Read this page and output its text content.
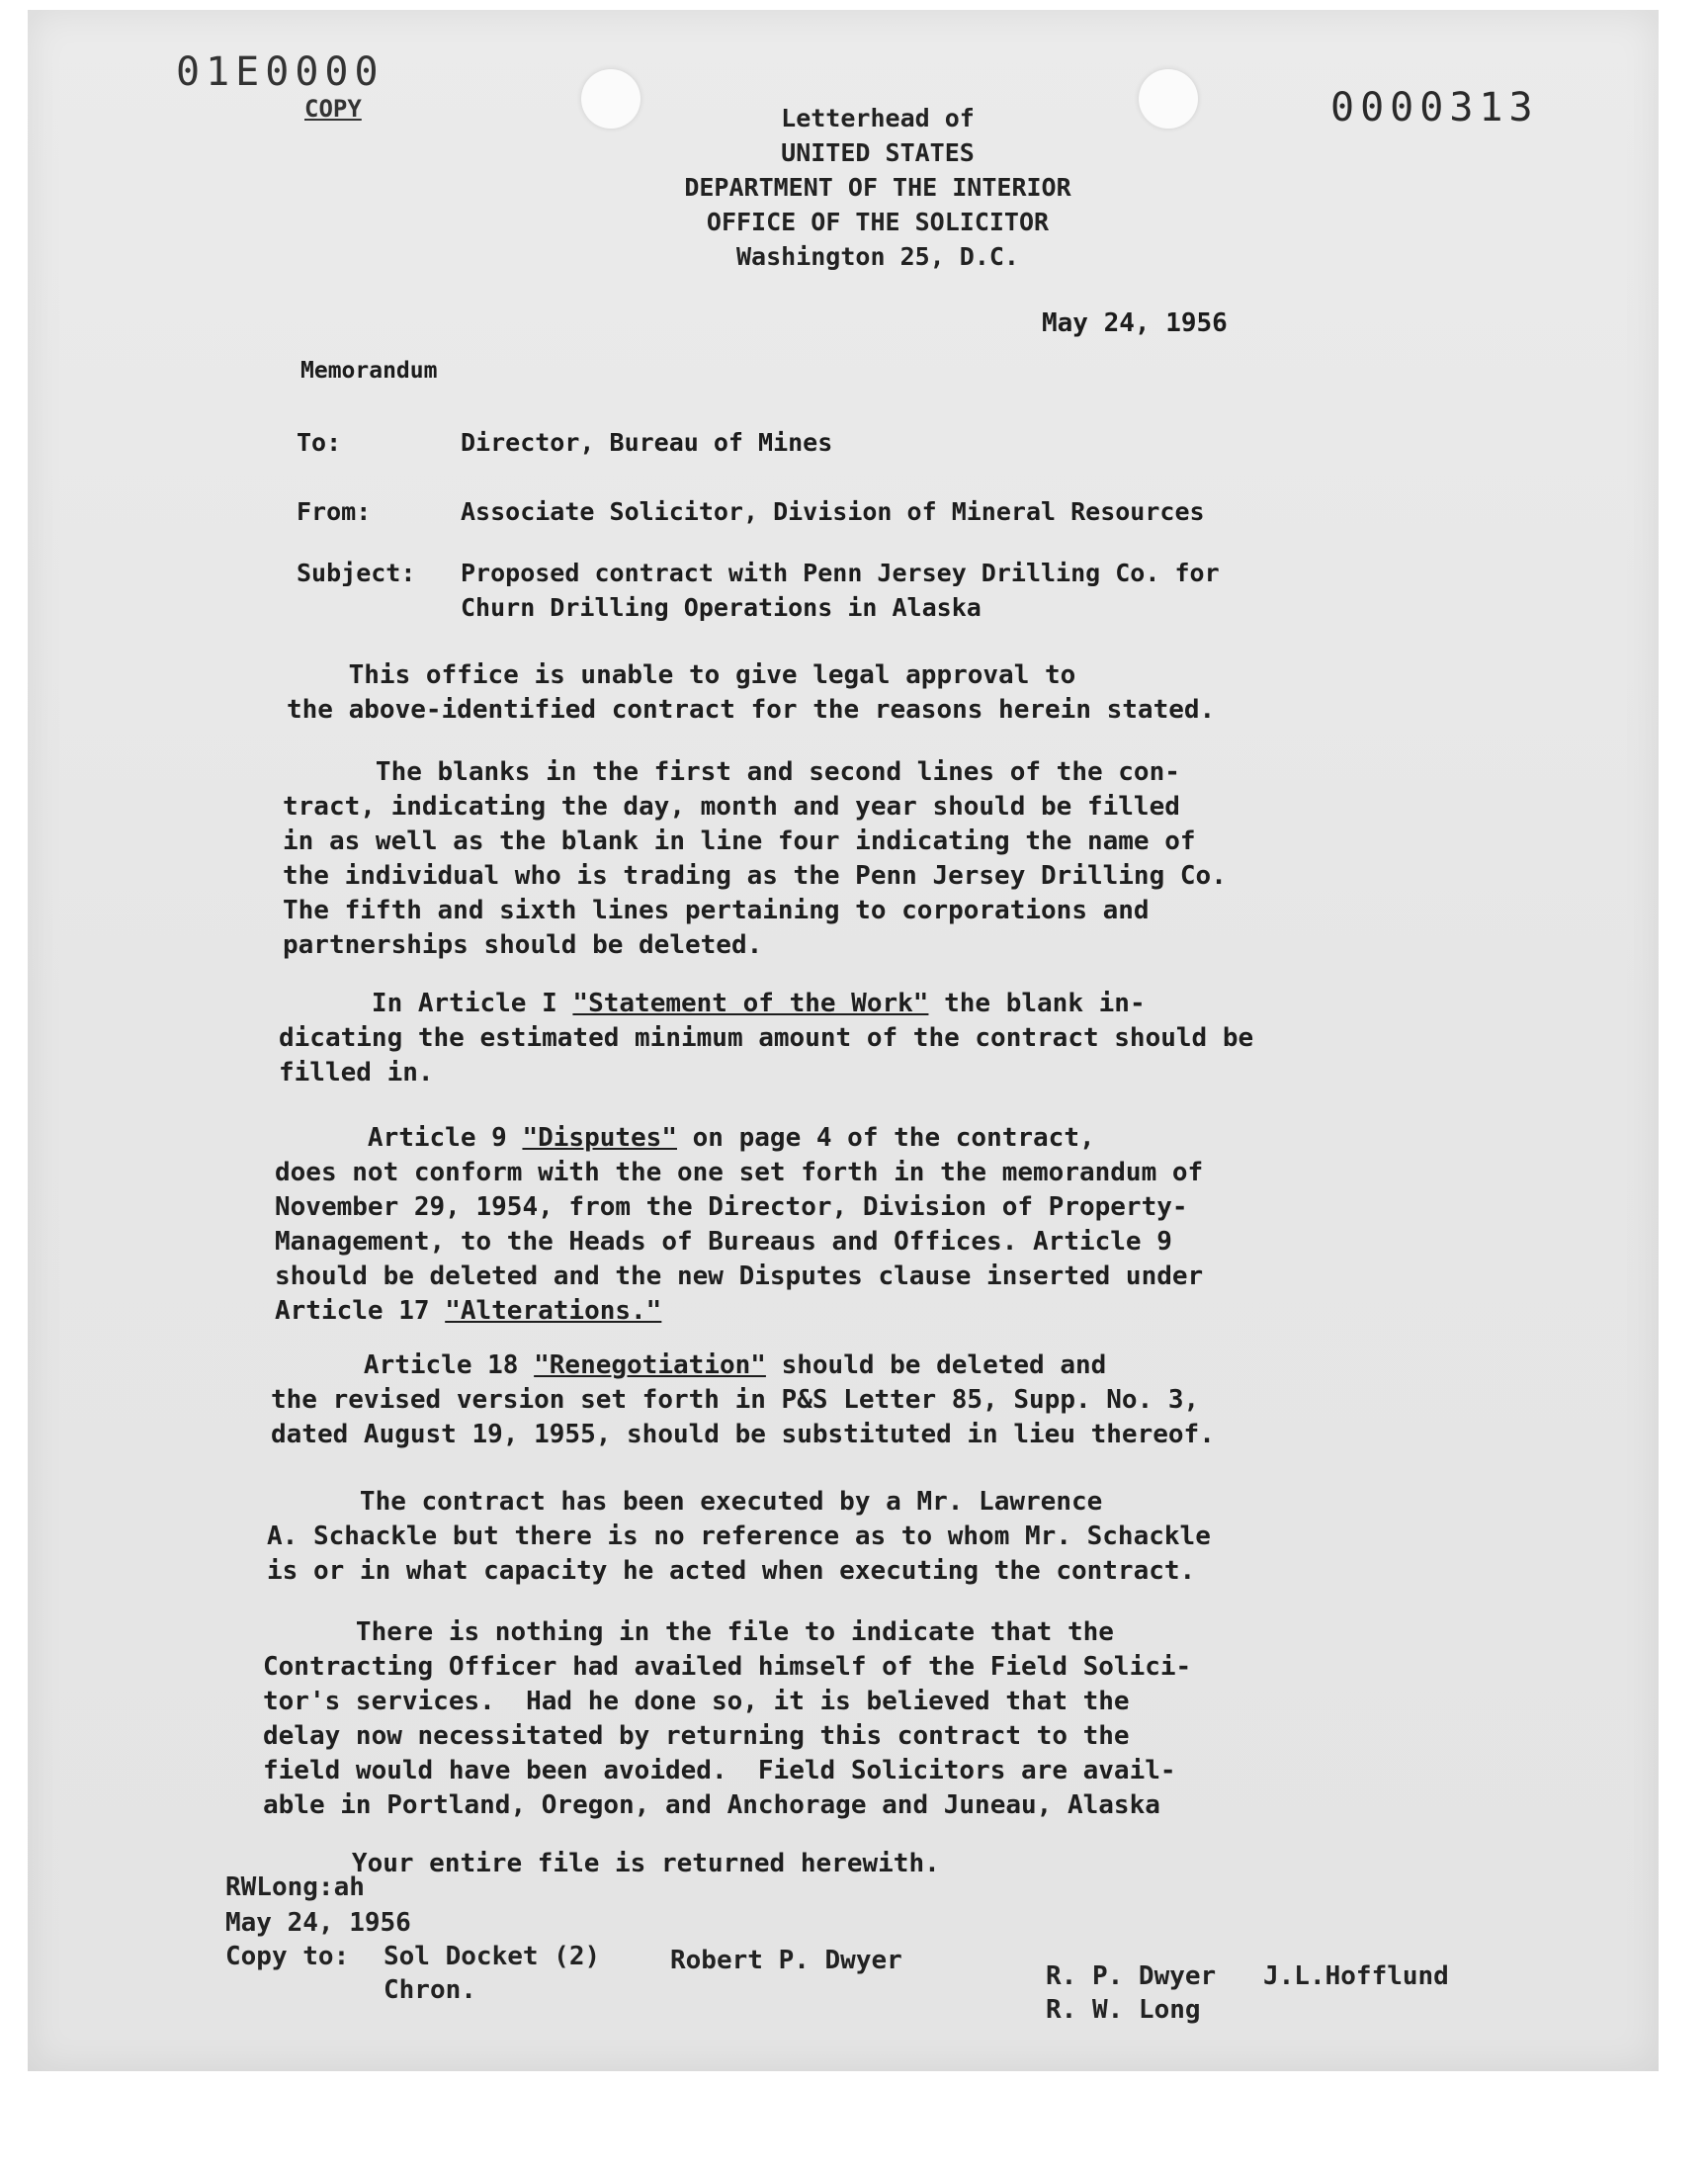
01E0000
COPY	0000313
Letterhead of
UNITED STATES
DEPARTMENT OF THE INTERIOR
OFFICE OF THE SOLICITOR
Washington 25, D.C.
May 24, 1956
Memorandum
To:	Director, Bureau of Mines
From:	Associate Solicitor, Division of Mineral Resources
Subject: Proposed contract with Penn Jersey Drilling Co. for
Churn Drilling Operations in Alaska
This office is unable to give legal approval to
the above-identified contract for the reasons herein stated.
The blanks in the first and second lines of the con-
tract, indicating the day, month and year should be filled
in as well as the blank in line four indicating the name of
the individual who is trading as the Penn Jersey Drilling Co.
The fifth and sixth lines pertaining to corporations and
partnerships should be deleted.
In Article I "Statement of the Work" the blank in-
dicating the estimated minimum amount of the contract should be
filled in.
Article 9 "Disputes" on page 4 of the contract,
does not conform with the one set forth in the memorandum of
November 29, 1954, from the Director, Division of Property-
Management, to the Heads of Bureaus and Offices. Article 9
should be deleted and the new Disputes clause inserted under
Article 17 "Alterations."
Article 18 "Renegotiation" should be deleted and
the revised version set forth in P&S Letter 85, Supp. No. 3,
dated August 19, 1955, should be substituted in lieu thereof.
The contract has been executed by a Mr. Lawrence
A. Schackle but there is no reference as to whom Mr. Schackle
is or in what capacity he acted when executing the contract.
There is nothing in the file to indicate that the
Contracting Officer had availed himself of the Field Solici-
tor's services.  Had he done so, it is believed that the
delay now necessitated by returning this contract to the
field would have been avoided.  Field Solicitors are avail-
able in Portland, Oregon, and Anchorage and Juneau, Alaska
Your entire file is returned herewith.
RWLong:ah
May 24, 1956
Copy to: Sol Docket (2)
Chron.
Robert P. Dwyer
R. P. Dwyer
R. W. Long
J.L.Hofflund
